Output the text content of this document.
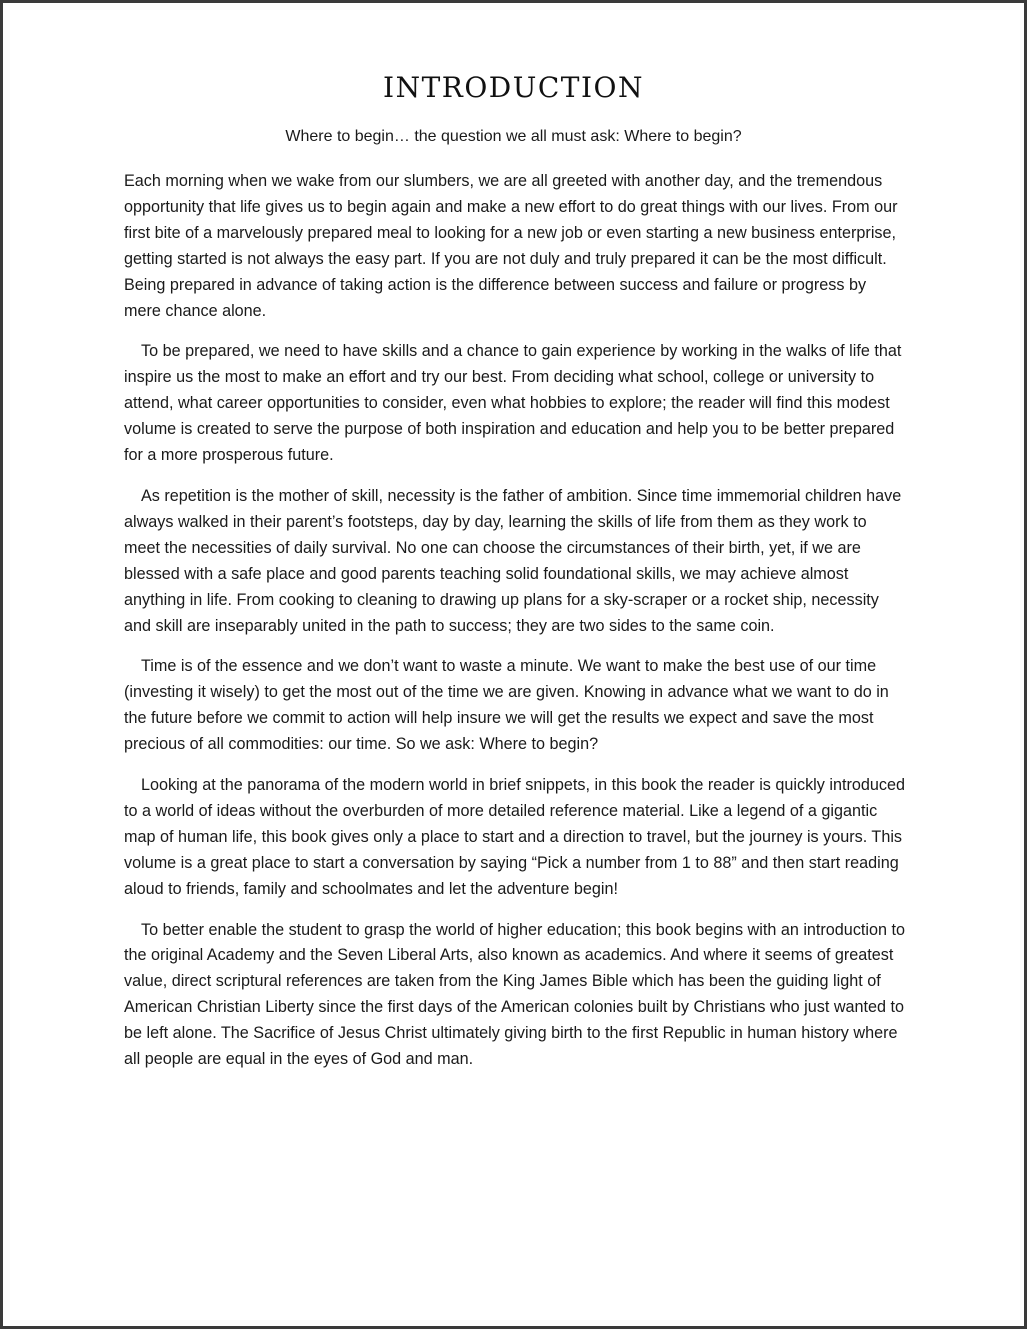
INTRODUCTION
Where to begin… the question we all must ask: Where to begin?

Each morning when we wake from our slumbers, we are all greeted with another day, and the tremendous opportunity that life gives us to begin again and make a new effort to do great things with our lives. From our first bite of a marvelously prepared meal to looking for a new job or even starting a new business enterprise, getting started is not always the easy part. If you are not duly and truly prepared it can be the most difficult. Being prepared in advance of taking action is the difference between success and failure or progress by mere chance alone.

To be prepared, we need to have skills and a chance to gain experience by working in the walks of life that inspire us the most to make an effort and try our best. From deciding what school, college or university to attend, what career opportunities to consider, even what hobbies to explore; the reader will find this modest volume is created to serve the purpose of both inspiration and education and help you to be better prepared for a more prosperous future.

As repetition is the mother of skill, necessity is the father of ambition. Since time immemorial children have always walked in their parent’s footsteps, day by day, learning the skills of life from them as they work to meet the necessities of daily survival. No one can choose the circumstances of their birth, yet, if we are blessed with a safe place and good parents teaching solid foundational skills, we may achieve almost anything in life. From cooking to cleaning to drawing up plans for a sky-scraper or a rocket ship, necessity and skill are inseparably united in the path to success; they are two sides to the same coin.

Time is of the essence and we don’t want to waste a minute. We want to make the best use of our time (investing it wisely) to get the most out of the time we are given. Knowing in advance what we want to do in the future before we commit to action will help insure we will get the results we expect and save the most precious of all commodities: our time. So we ask: Where to begin?

Looking at the panorama of the modern world in brief snippets, in this book the reader is quickly introduced to a world of ideas without the overburden of more detailed reference material. Like a legend of a gigantic map of human life, this book gives only a place to start and a direction to travel, but the journey is yours. This volume is a great place to start a conversation by saying “Pick a number from 1 to 88” and then start reading aloud to friends, family and schoolmates and let the adventure begin!

To better enable the student to grasp the world of higher education; this book begins with an introduction to the original Academy and the Seven Liberal Arts, also known as academics. And where it seems of greatest value, direct scriptural references are taken from the King James Bible which has been the guiding light of American Christian Liberty since the first days of the American colonies built by Christians who just wanted to be left alone. The Sacrifice of Jesus Christ ultimately giving birth to the first Republic in human history where all people are equal in the eyes of God and man.
